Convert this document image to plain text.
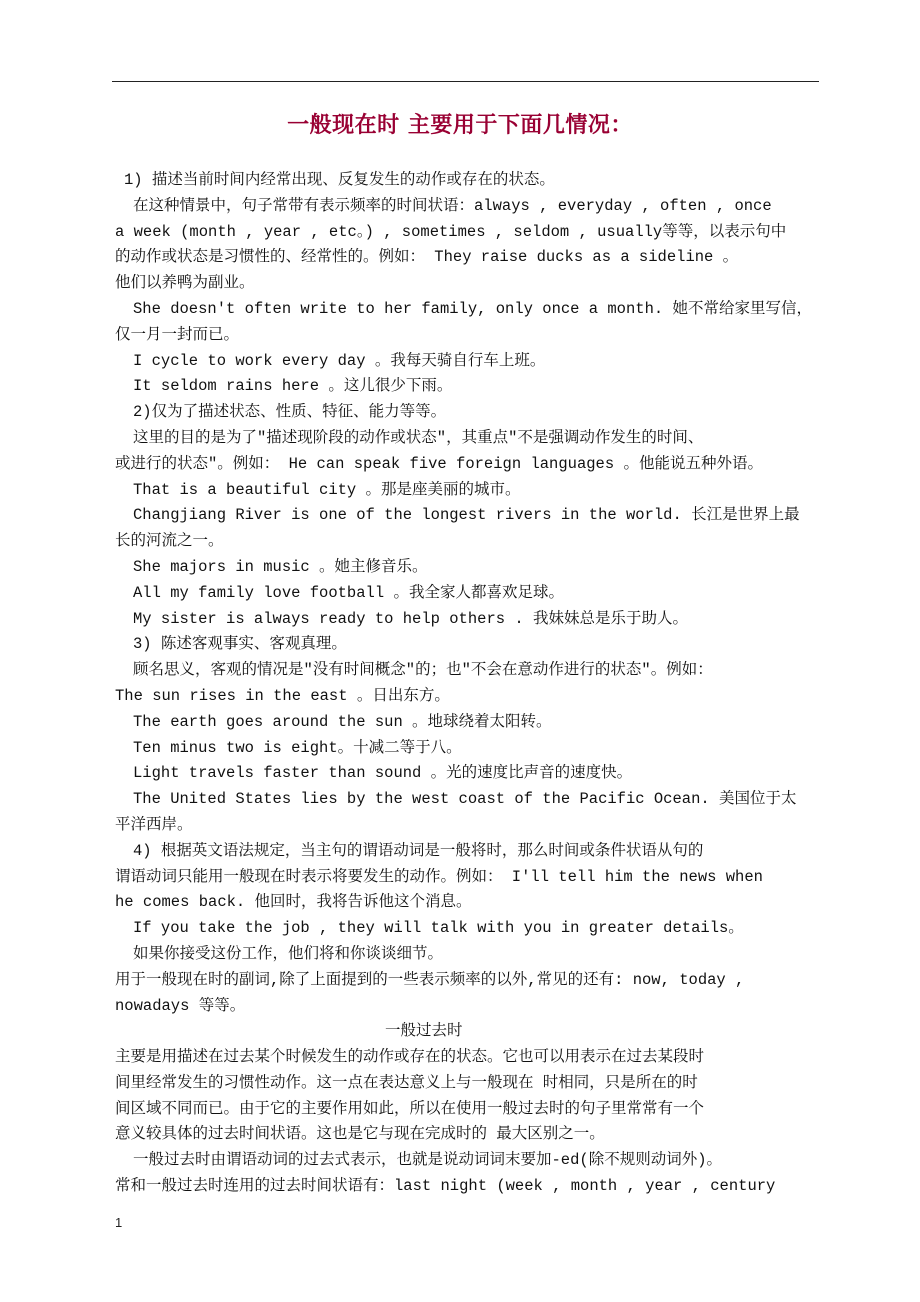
一般现在时 主要用于下面几情况：
1) 描述当前时间内经常出现、反复发生的动作或存在的状态。
在这种情景中，句子常带有表示频率的时间状语：always , everyday , often , once
a week (month , year , etc。) , sometimes , seldom , usually等等，以表示句中
的动作或状态是习惯性的、经常性的。例如： They raise ducks as a sideline 。
他们以养鸭为副业。
She doesn't often write to her family, only once a month. 她不常给家里写信，
仅一月一封而已。
I cycle to work every day 。我每天骑自行车上班。
It seldom rains here 。这儿很少下雨。
2)仅为了描述状态、性质、特征、能力等等。
这里的目的是为了"描述现阶段的动作或状态"，其重点"不是强调动作发生的时间、
或进行的状态"。例如： He can speak five foreign languages 。他能说五种外语。
That is a beautiful city 。那是座美丽的城市。
Changjiang River is one of the longest rivers in the world. 长江是世界上最
长的河流之一。
She majors in music 。她主修音乐。
All my family love football 。我全家人都喜欢足球。
My sister is always ready to help others . 我妹妹总是乐于助人。
3) 陈述客观事实、客观真理。
顾名思义，客观的情况是"没有时间概念"的；也"不会在意动作进行的状态"。例如：
The sun rises in the east 。日出东方。
The earth goes around the sun 。地球绕着太阳转。
Ten minus two is eight。十减二等于八。
Light travels faster than sound 。光的速度比声音的速度快。
The United States lies by the west coast of the Pacific Ocean. 美国位于太
平洋西岸。
4) 根据英文语法规定，当主句的谓语动词是一般将时，那么时间或条件状语从句的
谓语动词只能用一般现在时表示将要发生的动作。例如： I'll tell him the news when
he comes back. 他回时，我将告诉他这个消息。
If you take the job , they will talk with you in greater details。
如果你接受这份工作，他们将和你谈谈细节。
用于一般现在时的副词,除了上面提到的一些表示频率的以外,常见的还有: now, today ,
nowadays 等等。
一般过去时
主要是用描述在过去某个时候发生的动作或存在的状态。它也可以用表示在过去某段时
间里经常发生的习惯性动作。这一点在表达意义上与一般现在 时相同，只是所在的时
间区域不同而已。由于它的主要作用如此，所以在使用一般过去时的句子里常常有一个
意义较具体的过去时间状语。这也是它与现在完成时的 最大区别之一。
一般过去时由谓语动词的过去式表示，也就是说动词词末要加-ed(除不规则动词外)。
常和一般过去时连用的过去时间状语有：last night (week , month , year , century
1
